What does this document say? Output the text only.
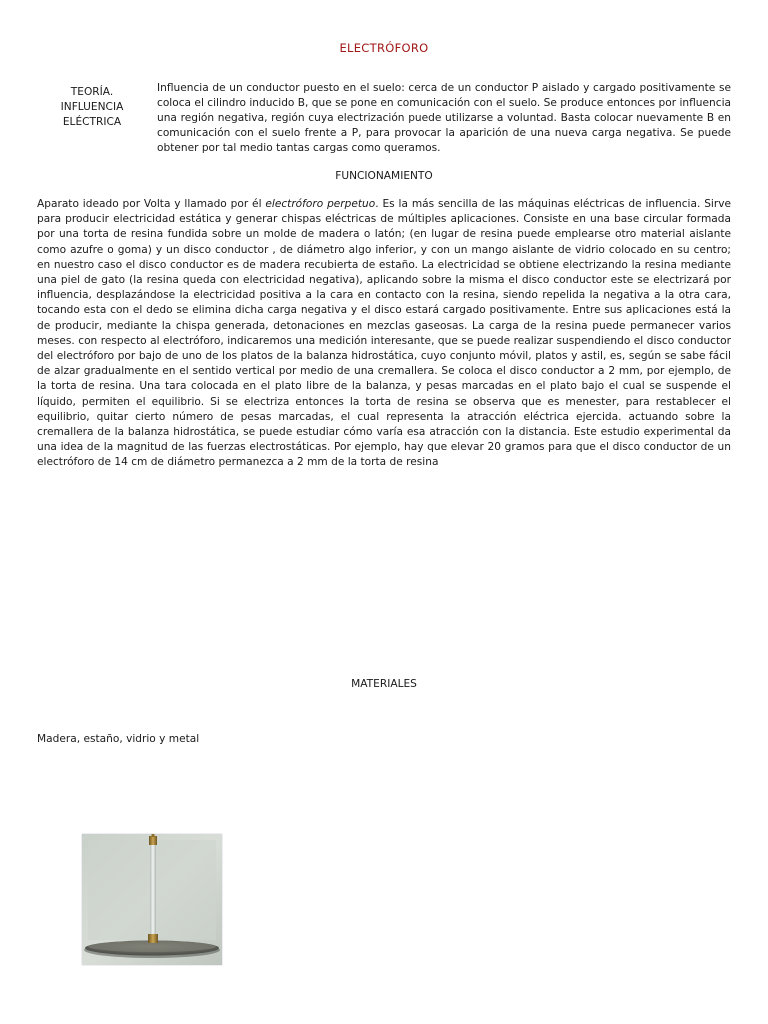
ELECTRÓFORO
TEORÍA.
INFLUENCIA
ELÉCTRICA
Influencia de un conductor puesto en el suelo: cerca de un conductor P aislado y cargado positivamente se coloca el cilindro inducido B, que se pone en comunicación con el suelo. Se produce entonces por influencia una región negativa, región cuya electrización puede utilizarse a voluntad. Basta colocar nuevamente B en comunicación con el suelo frente a P, para provocar la aparición de una nueva carga negativa. Se puede obtener por tal medio tantas cargas como queramos.
FUNCIONAMIENTO
Aparato ideado por Volta y llamado por él electróforo perpetuo. Es la más sencilla de las máquinas eléctricas de influencia. Sirve para producir electricidad estática y generar chispas eléctricas de múltiples aplicaciones. Consiste en una base circular formada por una torta de resina fundida sobre un molde de madera o latón; (en lugar de resina puede emplearse otro material aislante como azufre o goma) y un disco conductor , de diámetro algo inferior, y con un mango aislante de vidrio colocado en su centro; en nuestro caso el disco conductor es de madera recubierta de estaño. La electricidad se obtiene electrizando la resina mediante una piel de gato (la resina queda con electricidad negativa), aplicando sobre la misma el disco conductor este se electrizará por influencia, desplazándose la electricidad positiva a la cara en contacto con la resina, siendo repelida la negativa a la otra cara, tocando esta con el dedo se elimina dicha carga negativa y el disco estará cargado positivamente. Entre sus aplicaciones está la de producir, mediante la chispa generada, detonaciones en mezclas gaseosas. La carga de la resina puede permanecer varios meses. con respecto al electróforo, indicaremos una medición interesante, que se puede realizar suspendiendo el disco conductor del electróforo por bajo de uno de los platos de la balanza hidrostática, cuyo conjunto móvil, platos y astil, es, según se sabe fácil de alzar gradualmente en el sentido vertical por medio de una cremallera. Se coloca el disco conductor a 2 mm, por ejemplo, de la torta de resina. Una tara colocada en el plato libre de la balanza, y pesas marcadas en el plato bajo el cual se suspende el líquido, permiten el equilibrio. Si se electriza entonces la torta de resina se observa que es menester, para restablecer el equilibrio, quitar cierto número de pesas marcadas, el cual representa la atracción eléctrica ejercida. actuando sobre la cremallera de la balanza hidrostática, se puede estudiar cómo varía esa atracción con la distancia. Este estudio experimental da una idea de la magnitud de las fuerzas electrostáticas. Por ejemplo, hay que elevar 20 gramos para que el disco conductor de un electróforo de 14 cm de diámetro permanezca a 2 mm de la torta de resina
MATERIALES
Madera, estaño, vidrio y metal
